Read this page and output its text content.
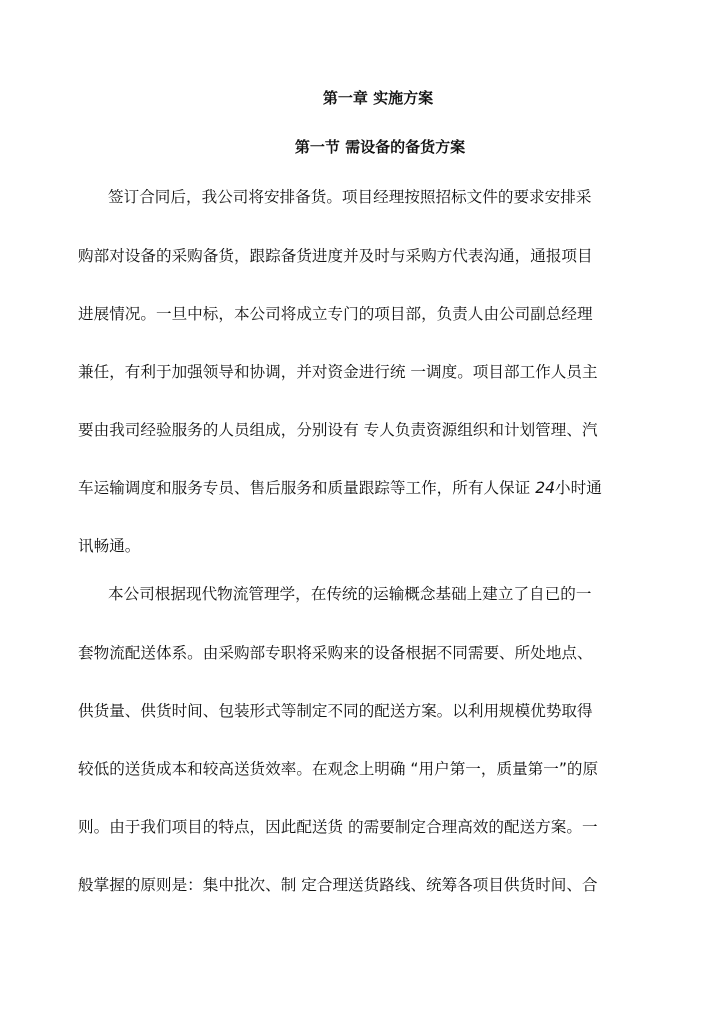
第一章 实施方案
第一节 需设备的备货方案
签订合同后，我公司将安排备货。项目经理按照招标文件的要求安排采
购部对设备的采购备货，跟踪备货进度并及时与采购方代表沟通，通报项目
进展情况。一旦中标，本公司将成立专门的项目部，负责人由公司副总经理
兼任，有利于加强领导和协调，并对资金进行统 一调度。项目部工作人员主
要由我司经验服务的人员组成，分别设有 专人负责资源组织和计划管理、汽
车运输调度和服务专员、售后服务和质量跟踪等工作，所有人保证 24小时通
讯畅通。
本公司根据现代物流管理学，在传统的运输概念基础上建立了自已的一
套物流配送体系。由采购部专职将采购来的设备根据不同需要、所处地点、
供货量、供货时间、包装形式等制定不同的配送方案。以利用规模优势取得
较低的送货成本和较高送货效率。在观念上明确 “用户第一，质量第一”的原
则。由于我们项目的特点，因此配送货 的需要制定合理高效的配送方案。一
般掌握的原则是：集中批次、制 定合理送货路线、统筹各项目供货时间、合
